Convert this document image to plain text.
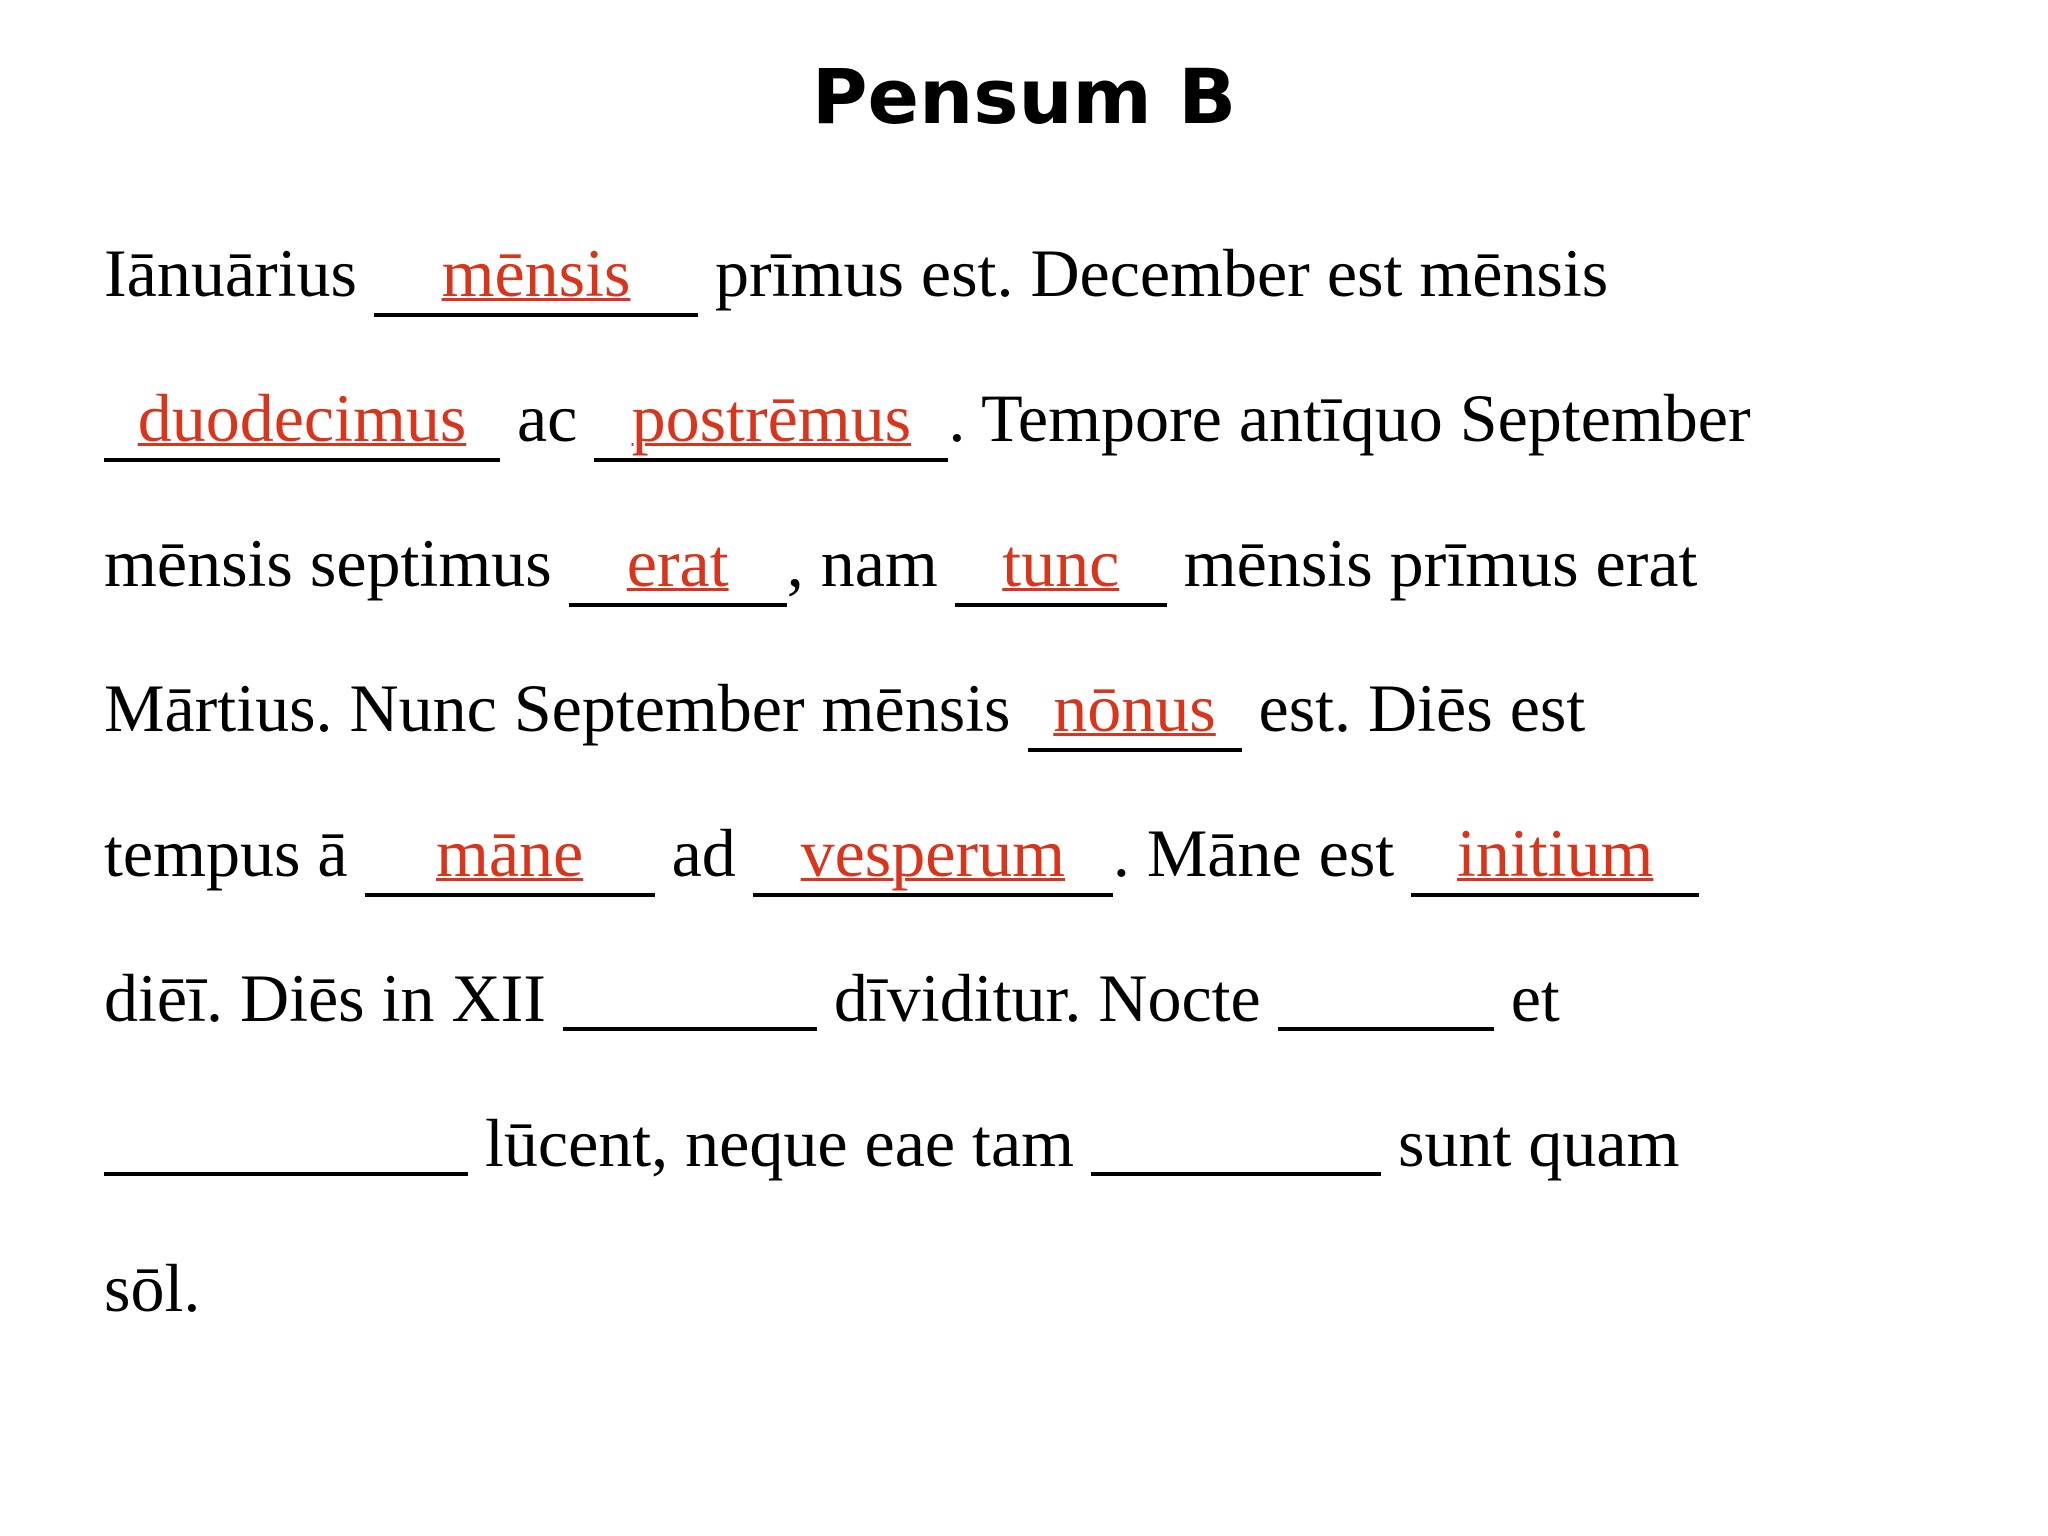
Pensum B
Iānuārius mēnsis prīmus est. December est mēnsis
duodecimus ac postrēmus . Tempore antīquo September
mēnsis septimus erat , nam tunc mēnsis prīmus erat
Mārtius. Nunc September mēnsis nōnus est. Diēs est
tempus ā māne ad vesperum . Māne est initium
diēī. Diēs in XII	dīviditur. Nocte	et
lūcent, neque eae tam	sunt quam
sōl.
